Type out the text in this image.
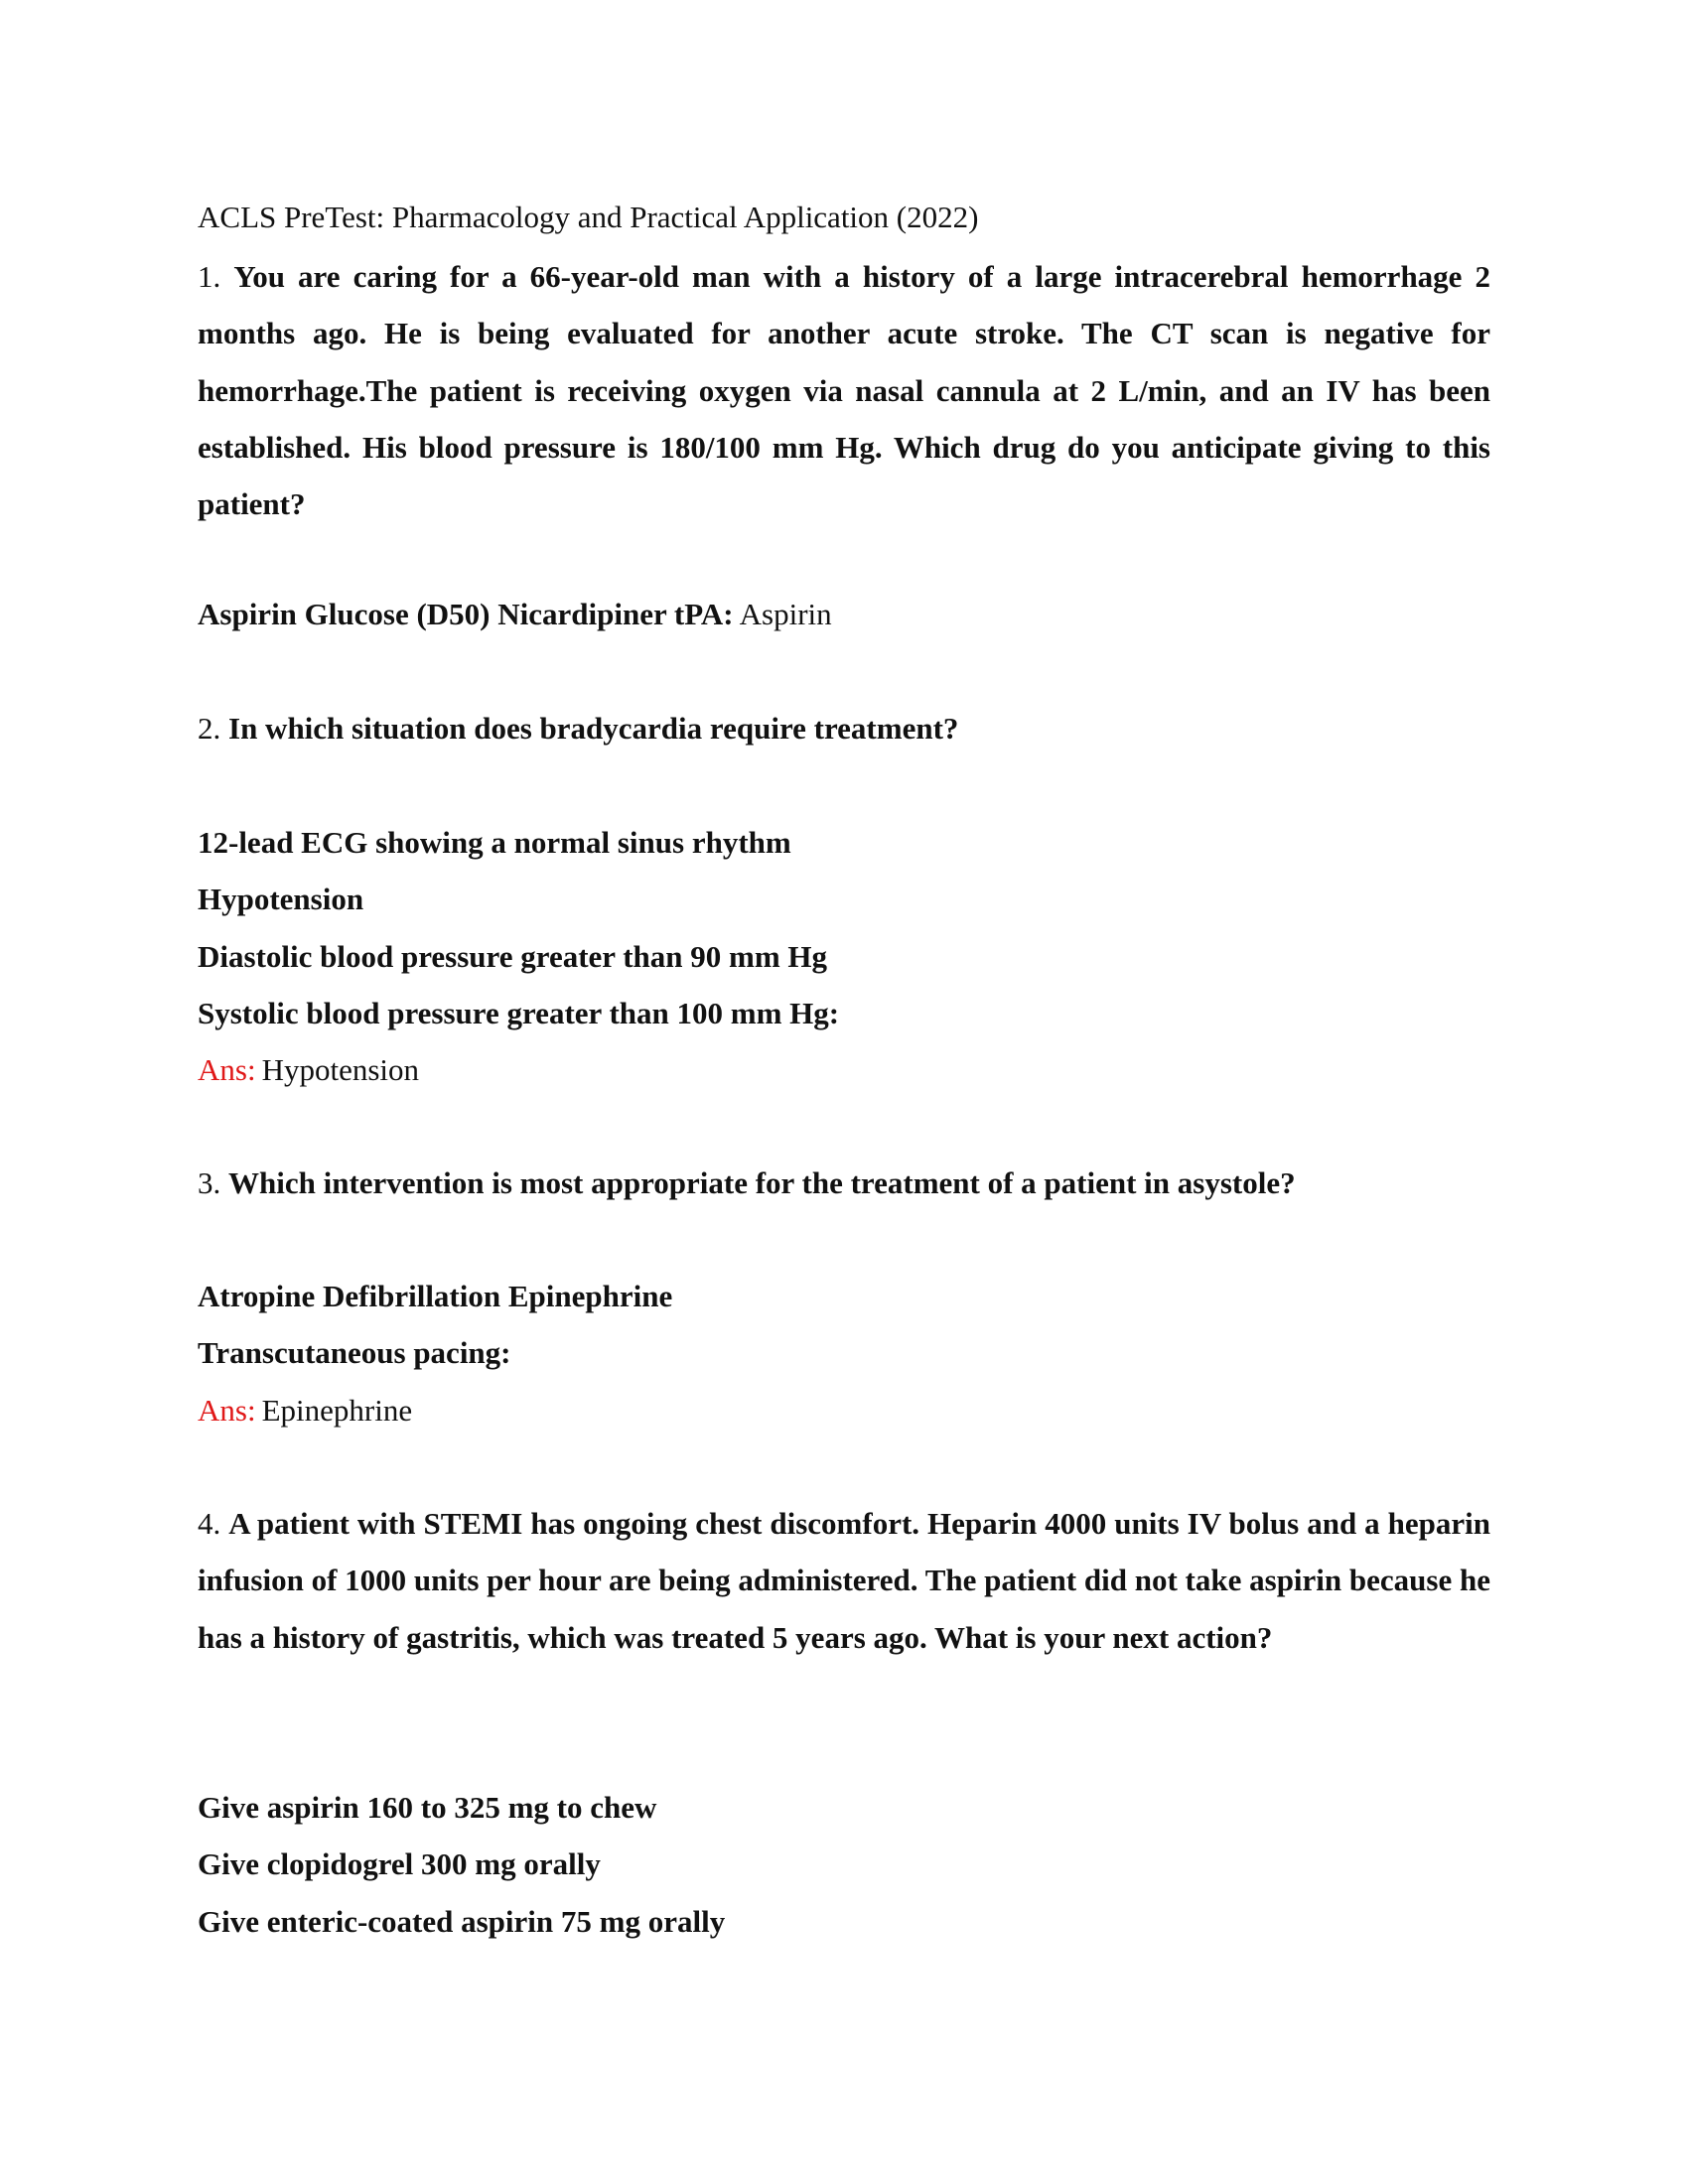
ACLS PreTest: Pharmacology and Practical Application (2022)
1. You are caring for a 66-year-old man with a history of a large intracerebral hemorrhage 2 months ago. He is being evaluated for another acute stroke. The CT scan is negative for hemorrhage.The patient is receiving oxygen via nasal cannula at 2 L/min, and an IV has been established. His blood pressure is 180/100 mm Hg. Which drug do you anticipate giving to this patient?
Aspirin Glucose (D50) Nicardipiner tPA: Aspirin
2. In which situation does bradycardia require treatment?
12-lead ECG showing a normal sinus rhythm
Hypotension
Diastolic blood pressure greater than 90 mm Hg
Systolic blood pressure greater than 100 mm Hg:
Ans: Hypotension
3. Which intervention is most appropriate for the treatment of a patient in asystole?
Atropine Defibrillation Epinephrine
Transcutaneous pacing:
Ans: Epinephrine
4. A patient with STEMI has ongoing chest discomfort. Heparin 4000 units IV bolus and a heparin infusion of 1000 units per hour are being administered. The patient did not take aspirin because he has a history of gastritis, which was treated 5 years ago. What is your next action?
Give aspirin 160 to 325 mg to chew
Give clopidogrel 300 mg orally
Give enteric-coated aspirin 75 mg orally
